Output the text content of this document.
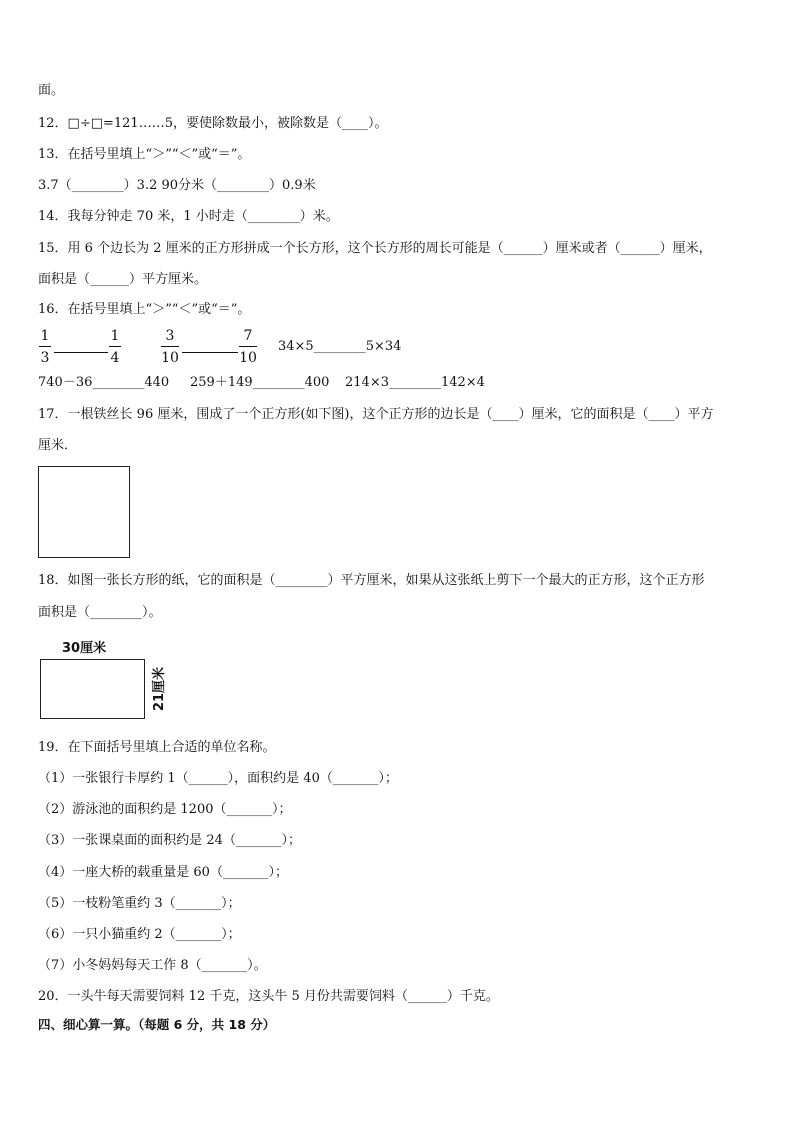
面。
12．□÷□=121……5，要使除数最小，被除数是（____）。
13．在括号里填上“＞”“＜”或“＝”。
3.7（________）3.2 90分米（________）0.9米
14．我每分钟走 70 米，1 小时走（________）米。
15．用 6 个边长为 2 厘米的正方形拼成一个长方形，这个长方形的周长可能是（______）厘米或者（______）厘米，
面积是（______）平方厘米。
16．在括号里填上“＞”“＜”或“＝”。
1
3
1
4
3
10
7
10
34×5________5×34
740－36________440 259＋149________400 214×3________142×4
17．一根铁丝长 96 厘米，围成了一个正方形(如下图)，这个正方形的边长是（____）厘米，它的面积是（____）平方
厘米．
18．如图一张长方形的纸，它的面积是（________）平方厘米，如果从这张纸上剪下一个最大的正方形，这个正方形
面积是（________）。
30厘米
21厘米
19．在下面括号里填上合适的单位名称。
（1）一张银行卡厚约 1（______），面积约是 40（_______）；
（2）游泳池的面积约是 1200（_______）；
（3）一张课桌面的面积约是 24（_______）；
（4）一座大桥的载重量是 60（_______）；
（5）一枝粉笔重约 3（_______）；
（6）一只小猫重约 2（_______）；
（7）小冬妈妈每天工作 8（_______）。
20．一头牛每天需要饲料 12 千克，这头牛 5 月份共需要饲料（______）千克。
四、细心算一算。（每题 6 分，共 18 分）
